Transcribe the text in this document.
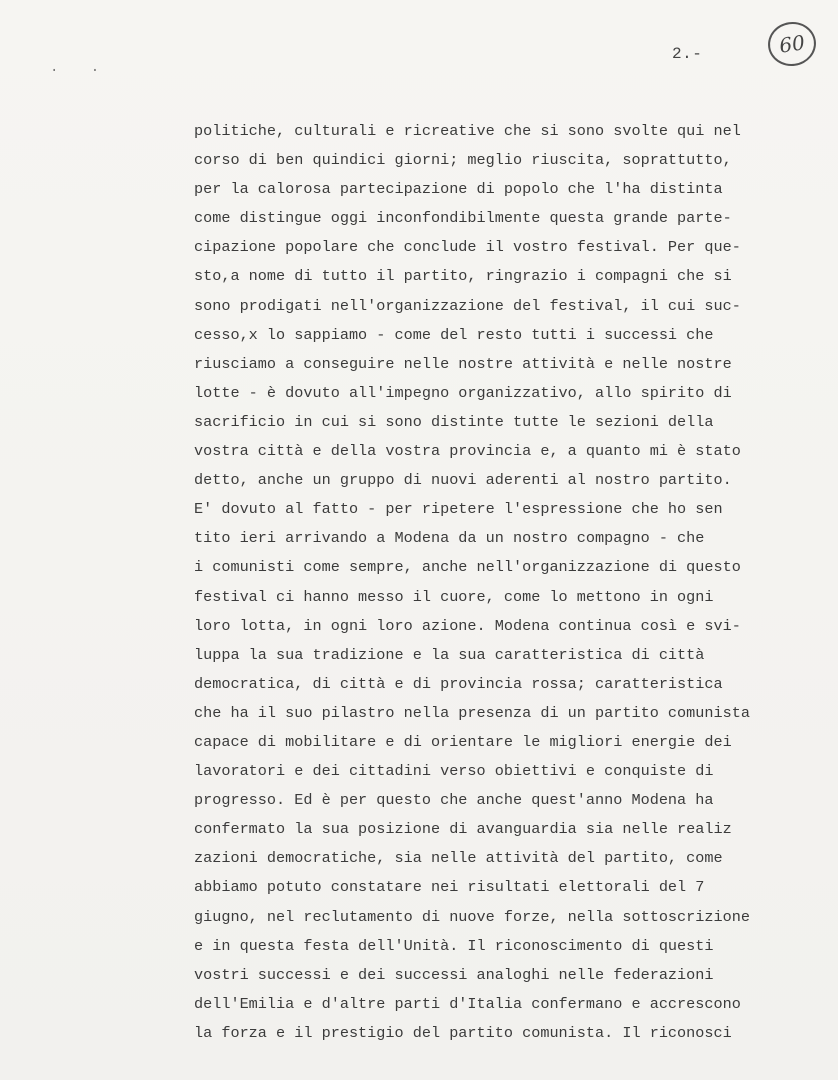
. .
2.-	60
politiche, culturali e ricreative che si sono svolte qui nel
corso di ben quindici giorni; meglio riuscita, soprattutto,
per la calorosa partecipazione di popolo che l'ha distinta
come distingue oggi inconfondibilmente questa grande parte-
cipazione popolare che conclude il vostro festival. Per que-
sto,a nome di tutto il partito, ringrazio i compagni che si
sono prodigati nell'organizzazione del festival, il cui suc-
cesso,x lo sappiamo - come del resto tutti i successi che
riusciamo a conseguire nelle nostre attività e nelle nostre
lotte - è dovuto all'impegno organizzativo, allo spirito di
sacrificio in cui si sono distinte tutte le sezioni della
vostra città e della vostra provincia e, a quanto mi è stato
detto, anche un gruppo di nuovi aderenti al nostro partito.
E' dovuto al fatto - per ripetere l'espressione che ho sen
tito ieri arrivando a Modena da un nostro compagno - che
i comunisti come sempre, anche nell'organizzazione di questo
festival ci hanno messo il cuore, come lo mettono in ogni
loro lotta, in ogni loro azione. Modena continua così e svi-
luppa la sua tradizione e la sua caratteristica di città
democratica, di città e di provincia rossa; caratteristica
che ha il suo pilastro nella presenza di un partito comunista
capace di mobilitare e di orientare le migliori energie dei
lavoratori e dei cittadini verso obiettivi e conquiste di
progresso. Ed è per questo che anche quest'anno Modena ha
confermato la sua posizione di avanguardia sia nelle realiz
zazioni democratiche, sia nelle attività del partito, come
abbiamo potuto constatare nei risultati elettorali del 7
giugno, nel reclutamento di nuove forze, nella sottoscrizione
e in questa festa dell'Unità. Il riconoscimento di questi
vostri successi e dei successi analoghi nelle federazioni
dell'Emilia e d'altre parti d'Italia confermano e accrescono
la forza e il prestigio del partito comunista. Il riconosci
